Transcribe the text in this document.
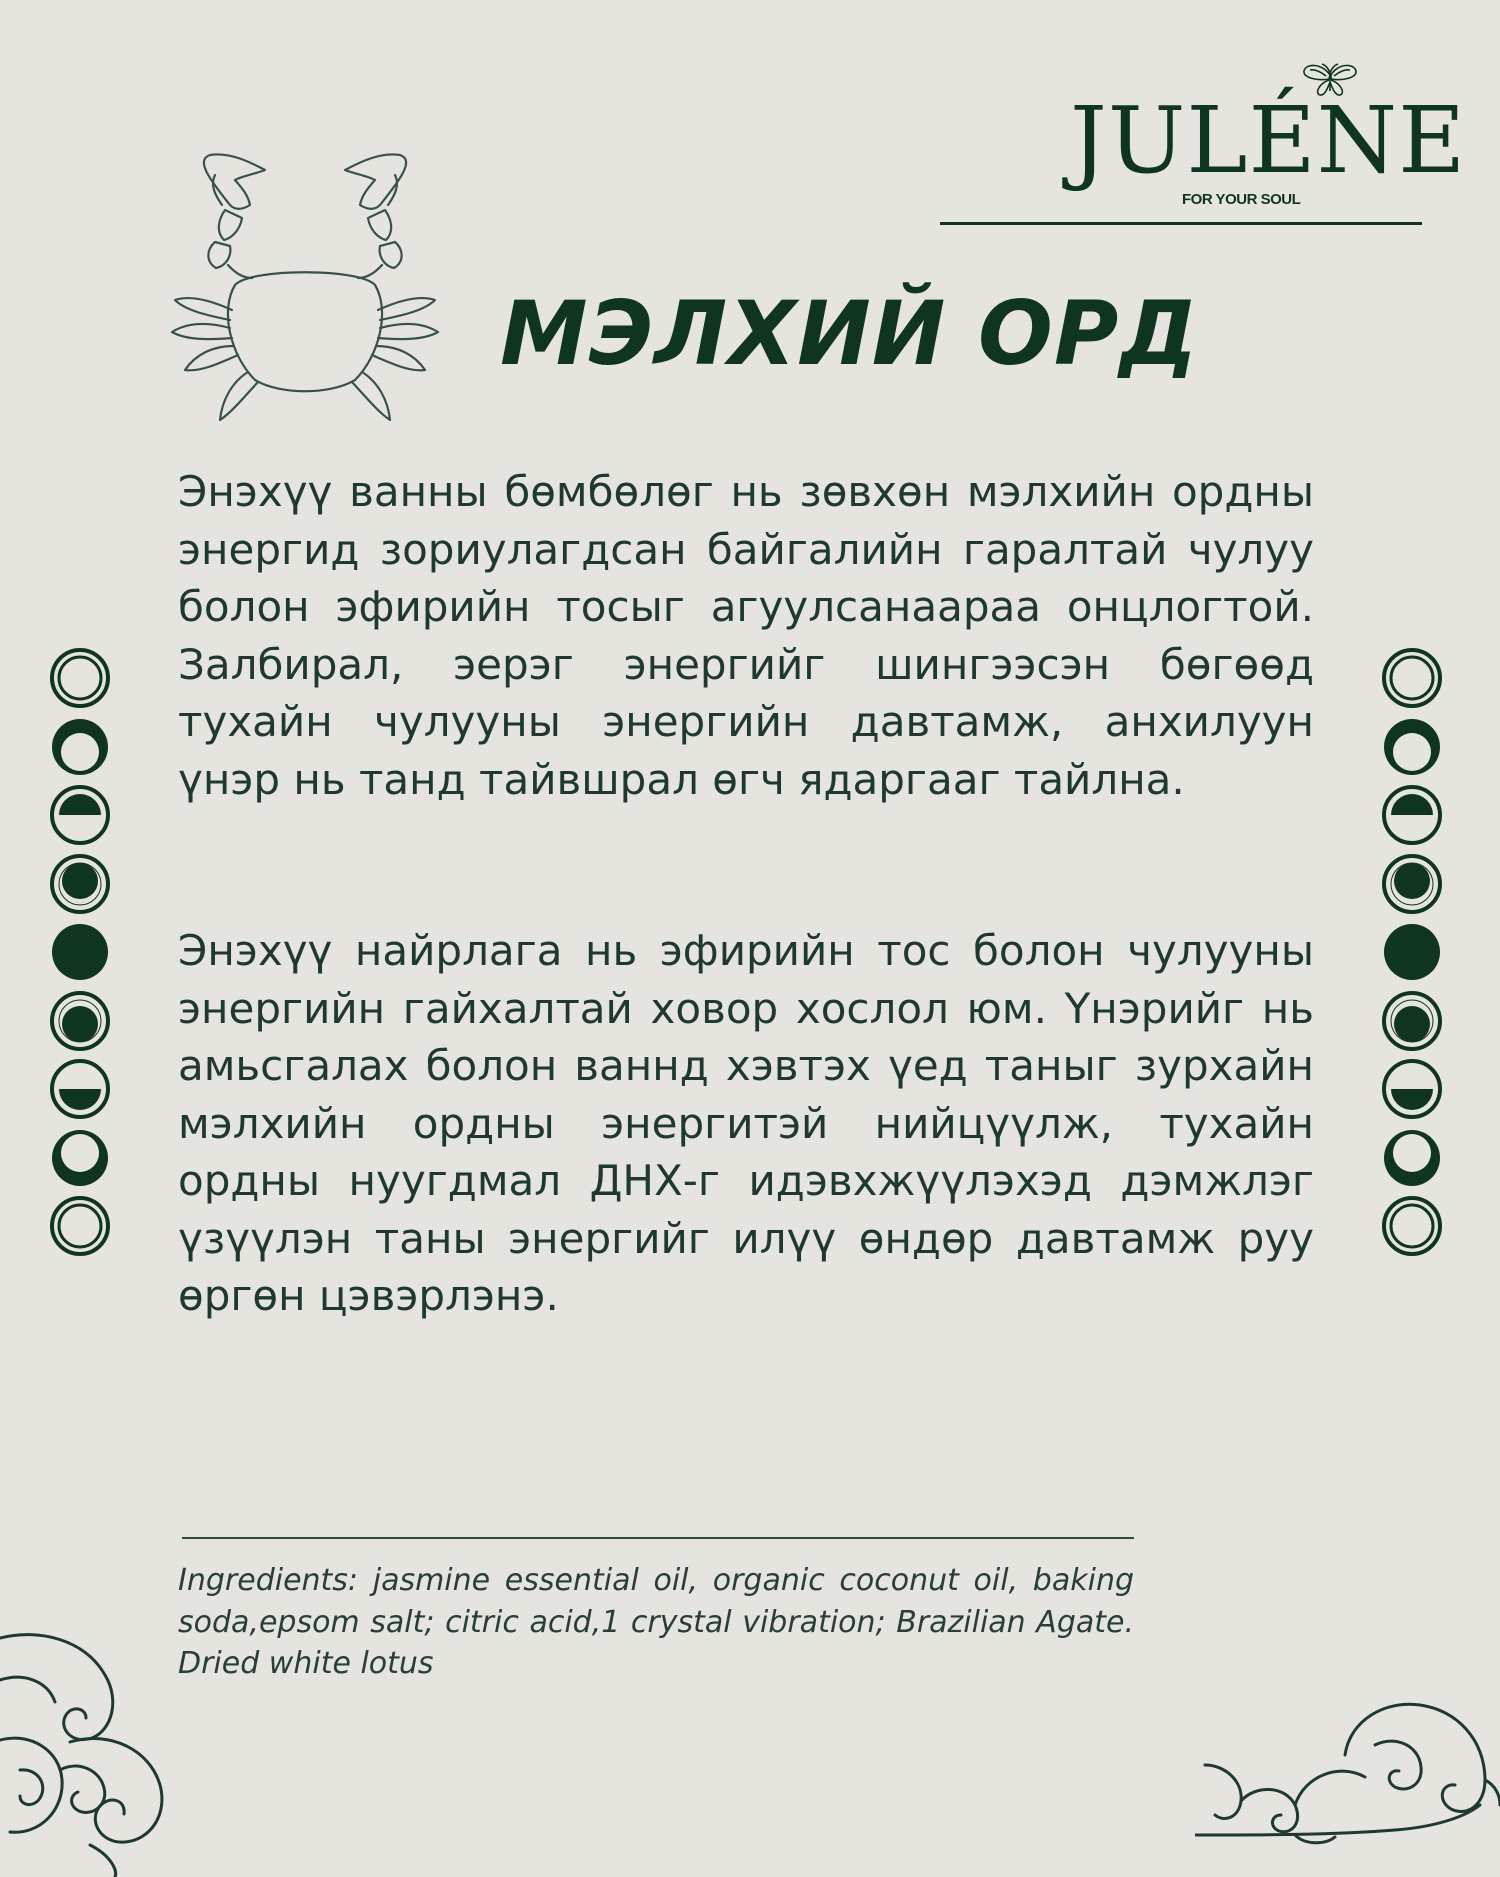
JULÉNE
FOR YOUR SOUL
МЭЛХИЙ ОРД

Энэхүү ванны бөмбөлөг нь зөвхөн мэлхийн ордны энергид зориулагдсан байгалийн гаралтай чулуу болон эфирийн тосыг агуулсанаараа онцлогтой. Залбирал, эерэг энергийг шингээсэн бөгөөд тухайн чулууны энергийн давтамж, анхилуун үнэр нь танд тайвшрал өгч ядаргааг тайлна.

Энэхүү найрлага нь эфирийн тос болон чулууны энергийн гайхалтай ховор хослол юм. Үнэрийг нь амьсгалах болон ваннд хэвтэх үед таныг зурхайн мэлхийн ордны энергитэй нийцүүлж, тухайн ордны нуугдмал ДНХ-г идэвхжүүлэхэд дэмжлэг үзүүлэн таны энергийг илүү өндөр давтамж руу өргөн цэвэрлэнэ.

Ingredients: jasmine essential oil, organic coconut oil, baking soda,epsom salt; citric acid,1 crystal vibration; Brazilian Agate. Dried white lotus
